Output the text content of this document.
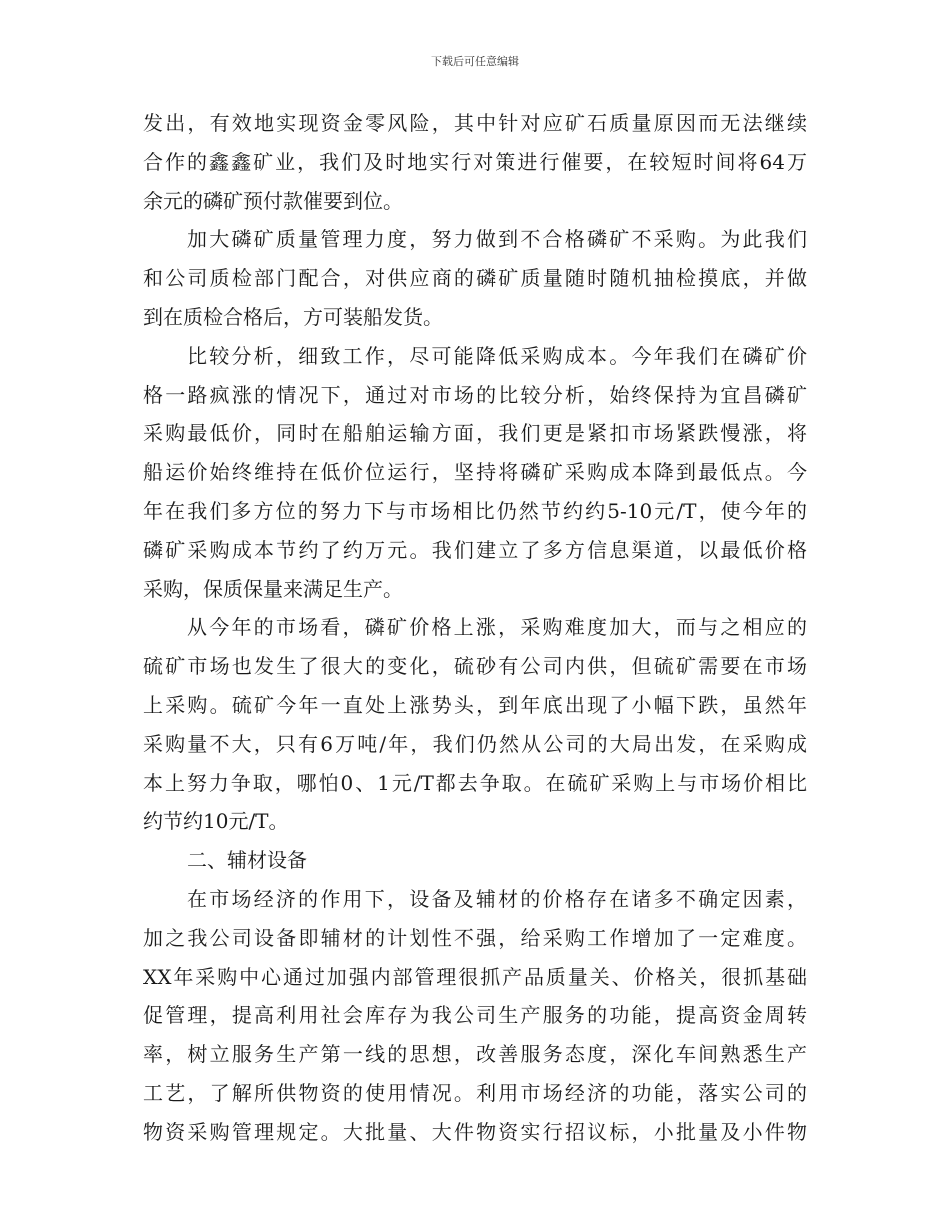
下载后可任意编辑
发出，有效地实现资金零风险，其中针对应矿石质量原因而无法继续
合作的鑫鑫矿业，我们及时地实行对策进行催要，在较短时间将64万
余元的磷矿预付款催要到位。
加大磷矿质量管理力度，努力做到不合格磷矿不采购。为此我们
和公司质检部门配合，对供应商的磷矿质量随时随机抽检摸底，并做
到在质检合格后，方可装船发货。
比较分析，细致工作，尽可能降低采购成本。今年我们在磷矿价
格一路疯涨的情况下，通过对市场的比较分析，始终保持为宜昌磷矿
采购最低价，同时在船舶运输方面，我们更是紧扣市场紧跌慢涨，将
船运价始终维持在低价位运行，坚持将磷矿采购成本降到最低点。今
年在我们多方位的努力下与市场相比仍然节约约5-10元/T，使今年的
磷矿采购成本节约了约万元。我们建立了多方信息渠道，以最低价格
采购，保质保量来满足生产。
从今年的市场看，磷矿价格上涨，采购难度加大，而与之相应的
硫矿市场也发生了很大的变化，硫砂有公司内供，但硫矿需要在市场
上采购。硫矿今年一直处上涨势头，到年底出现了小幅下跌，虽然年
采购量不大，只有6万吨/年，我们仍然从公司的大局出发，在采购成
本上努力争取，哪怕0、1元/T都去争取。在硫矿采购上与市场价相比
约节约10元/T。
二、辅材设备
在市场经济的作用下，设备及辅材的价格存在诸多不确定因素，
加之我公司设备即辅材的计划性不强，给采购工作增加了一定难度。
XX年采购中心通过加强内部管理很抓产品质量关、价格关，很抓基础
促管理，提高利用社会库存为我公司生产服务的功能，提高资金周转
率，树立服务生产第一线的思想，改善服务态度，深化车间熟悉生产
工艺，了解所供物资的使用情况。利用市场经济的功能，落实公司的
物资采购管理规定。大批量、大件物资实行招议标，小批量及小件物
